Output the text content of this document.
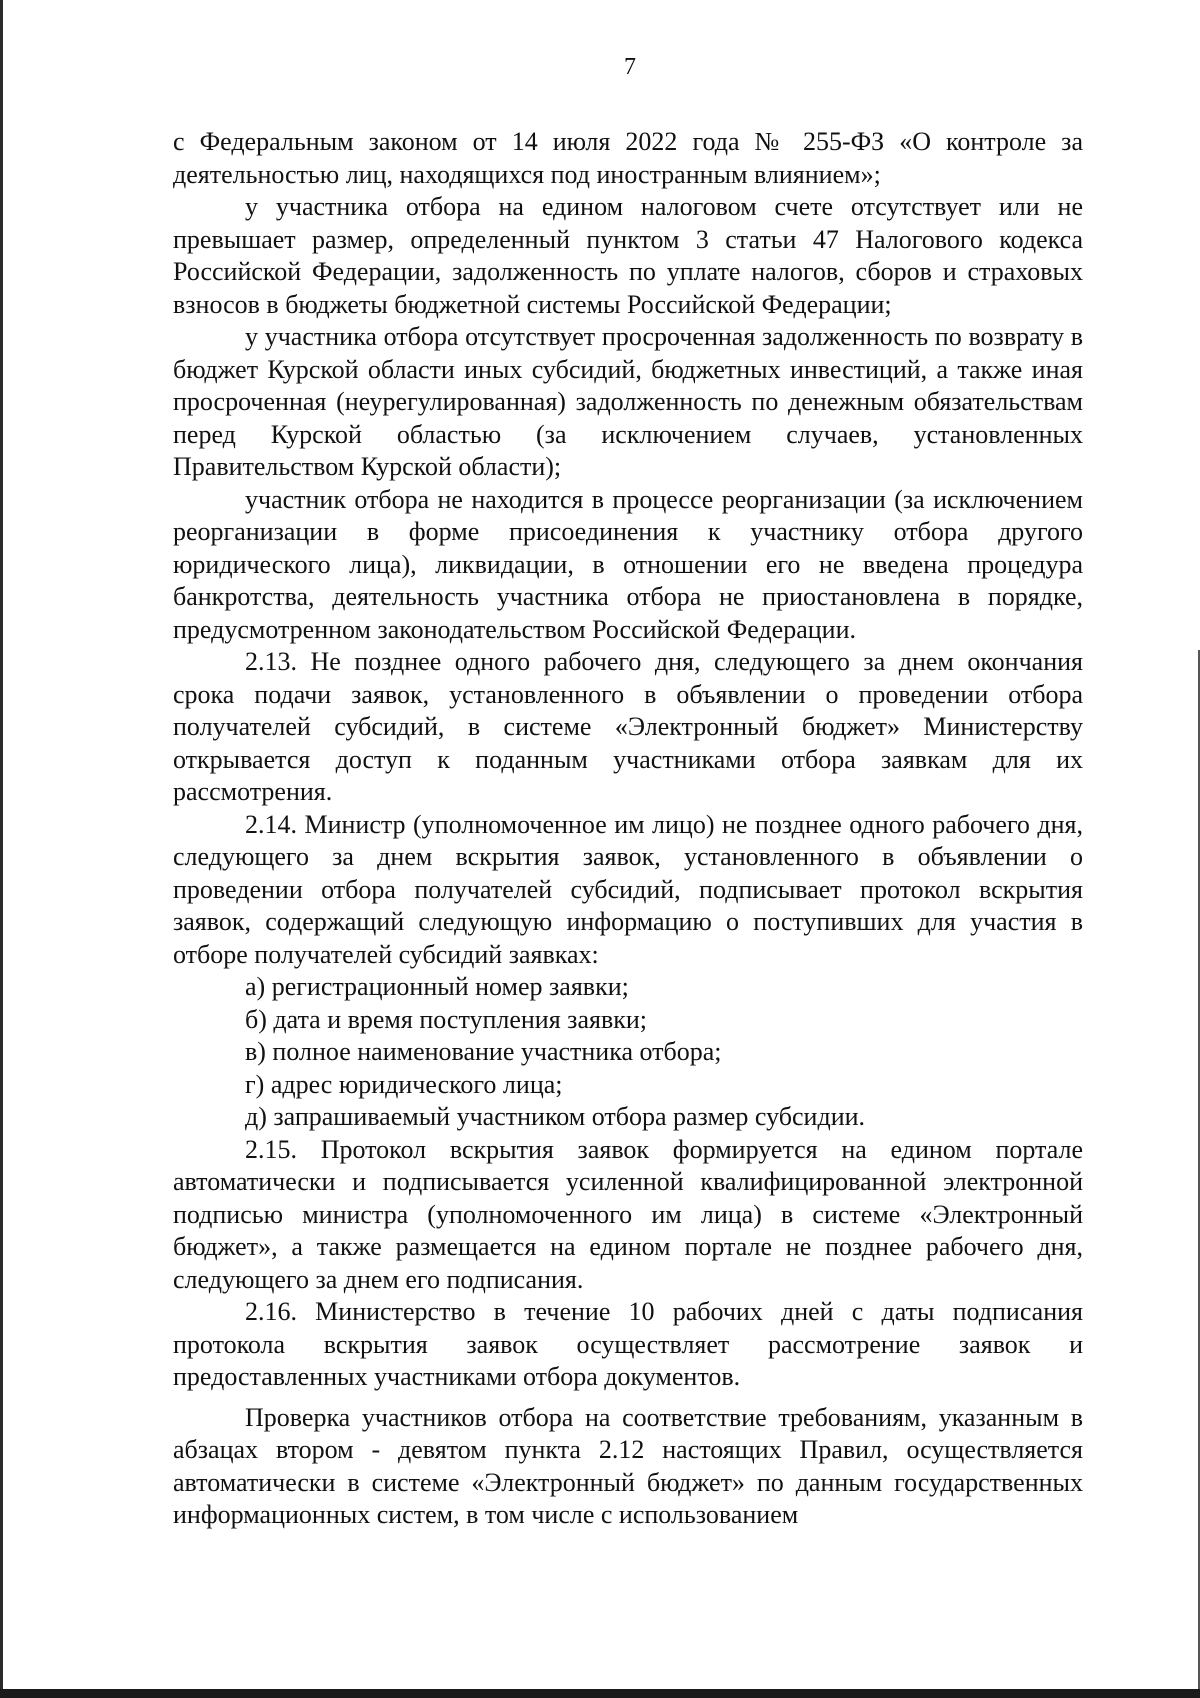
7

с Федеральным законом от 14 июля 2022 года № 255-ФЗ «О контроле за деятельностью лиц, находящихся под иностранным влиянием»;

у участника отбора на едином налоговом счете отсутствует или не превышает размер, определенный пунктом 3 статьи 47 Налогового кодекса Российской Федерации, задолженность по уплате налогов, сборов и страховых взносов в бюджеты бюджетной системы Российской Федерации;

у участника отбора отсутствует просроченная задолженность по возврату в бюджет Курской области иных субсидий, бюджетных инвестиций, а также иная просроченная (неурегулированная) задолженность по денежным обязательствам перед Курской областью (за исключением случаев, установленных Правительством Курской области);

участник отбора не находится в процессе реорганизации (за исключением реорганизации в форме присоединения к участнику отбора другого юридического лица), ликвидации, в отношении его не введена процедура банкротства, деятельность участника отбора не приостановлена в порядке, предусмотренном законодательством Российской Федерации.

2.13. Не позднее одного рабочего дня, следующего за днем окончания срока подачи заявок, установленного в объявлении о проведении отбора получателей субсидий, в системе «Электронный бюджет» Министерству открывается доступ к поданным участниками отбора заявкам для их рассмотрения.

2.14. Министр (уполномоченное им лицо) не позднее одного рабочего дня, следующего за днем вскрытия заявок, установленного в объявлении о проведении отбора получателей субсидий, подписывает протокол вскрытия заявок, содержащий следующую информацию о поступивших для участия в отборе получателей субсидий заявках:

а) регистрационный номер заявки;

б) дата и время поступления заявки;

в) полное наименование участника отбора;

г) адрес юридического лица;

д) запрашиваемый участником отбора размер субсидии.

2.15. Протокол вскрытия заявок формируется на едином портале автоматически и подписывается усиленной квалифицированной электронной подписью министра (уполномоченного им лица) в системе «Электронный бюджет», а также размещается на едином портале не позднее рабочего дня, следующего за днем его подписания.

2.16. Министерство в течение 10 рабочих дней с даты подписания протокола вскрытия заявок осуществляет рассмотрение заявок и предоставленных участниками отбора документов.

Проверка участников отбора на соответствие требованиям, указанным в абзацах втором - девятом пункта 2.12 настоящих Правил, осуществляется автоматически в системе «Электронный бюджет» по данным государственных информационных систем, в том числе с использованием
